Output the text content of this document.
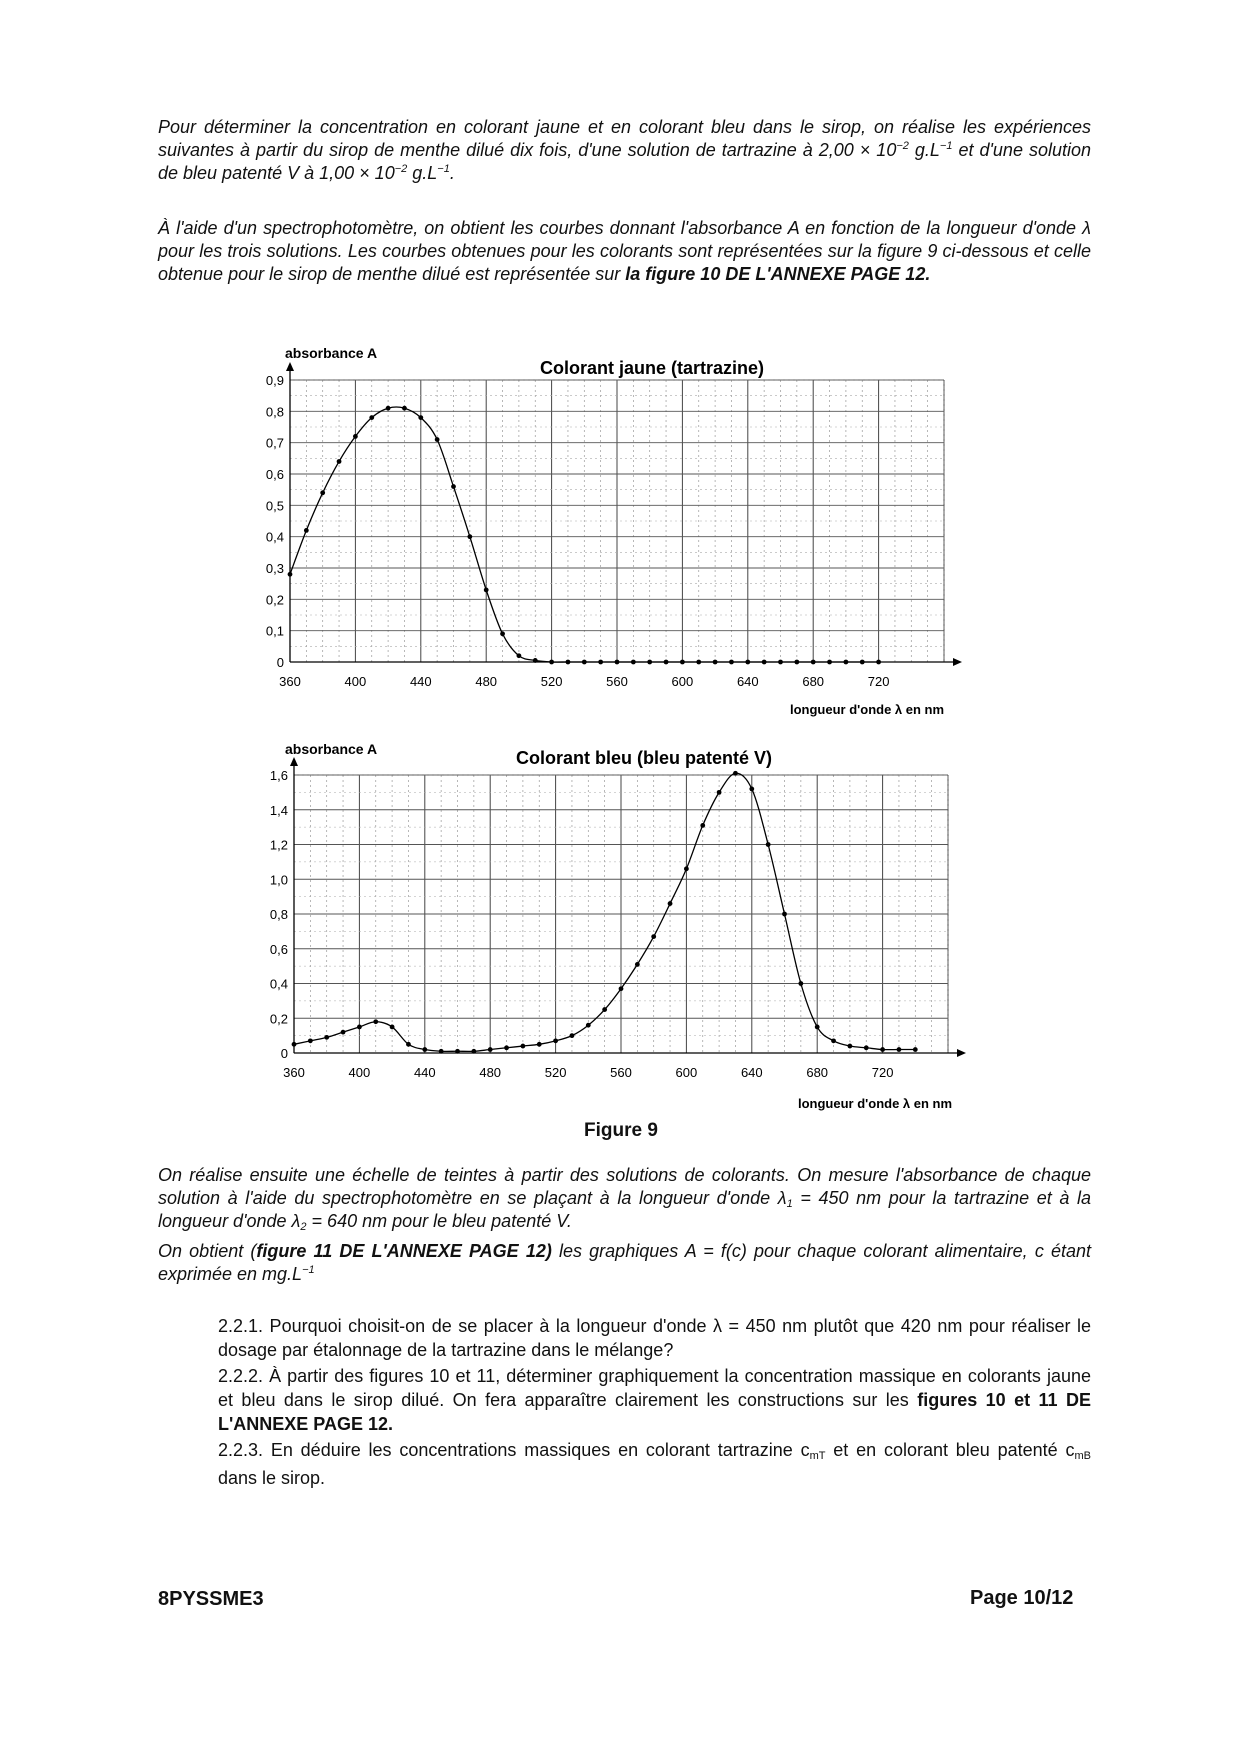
Pour déterminer la concentration en colorant jaune et en colorant bleu dans le sirop, on réalise les expériences suivantes à partir du sirop de menthe dilué dix fois, d'une solution de tartrazine à $2,00 \times 10^{-2}$ $g.L^{-1}$ et d'une solution de bleu patenté V à $1,00 \times 10^{-2}$ $g.L^{-1}$.

À l'aide d'un spectrophotomètre, on obtient les courbes donnant l'absorbance A en fonction de la longueur d'onde λ pour les trois solutions. Les courbes obtenues pour les colorants sont représentées sur la figure 9 ci-dessous et celle obtenue pour le sirop de menthe dilué est représentée sur la figure 10 DE L'ANNEXE PAGE 12.

absorbance A
Colorant jaune (tartrazine)
longueur d'onde λ en nm
0
0,1
0,2
0,3
0,4
0,5
0,6
0,7
0,8
0,9
360	400	440	480	520	560	600	640	680	720
absorbance A	Colorant bleu (bleu patenté V)
longueur d'onde λ en nm
0
0,2
0,4
0,6
0,8
1,0
1,2
1,4
1,6
360	400	440	480	520	560	600	640	680	720
Figure 9

On réalise ensuite une échelle de teintes à partir des solutions de colorants. On mesure l'absorbance de chaque solution à l'aide du spectrophotomètre en se plaçant à la longueur d'onde $\lambda_1 = 450$ nm pour la tartrazine et à la longueur d'onde $\lambda_2 = 640$ nm pour le bleu patenté V.

On obtient (figure 11 DE L'ANNEXE PAGE 12) les graphiques A = f(c) pour chaque colorant alimentaire, c étant exprimée en $mg.L^{-1}$

2.2.1. Pourquoi choisit-on de se placer à la longueur d'onde λ = 450 nm plutôt que 420 nm pour réaliser le dosage par étalonnage de la tartrazine dans le mélange?

2.2.2. À partir des figures 10 et 11, déterminer graphiquement la concentration massique en colorants jaune et bleu dans le sirop dilué. On fera apparaître clairement les constructions sur les figures 10 et 11 DE L'ANNEXE PAGE 12.

2.2.3. En déduire les concentrations massiques en colorant tartrazine $c_{mT}$ et en colorant bleu patenté $c_{mB}$ dans le sirop.

8PYSSME3	Page 10/12
